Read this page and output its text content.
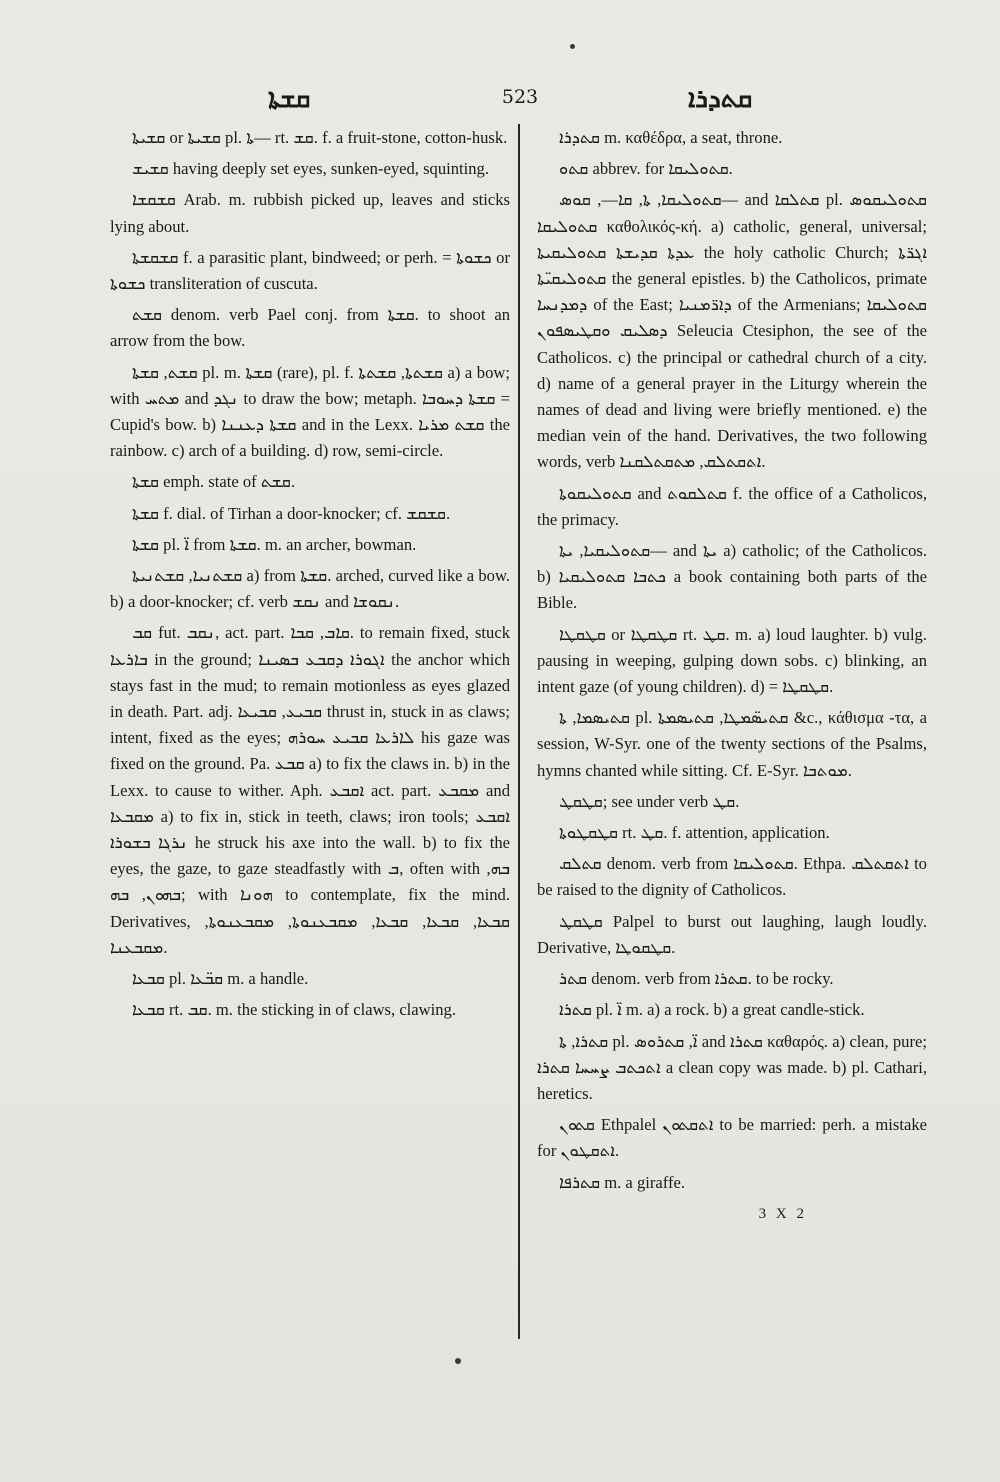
ܩܫܬܐ	523	ܩܬܕܪܐ

ܩܫܝܬܐ or ܩܫܝܬܐ pl. ܬܐ— rt. ܩܫ. f. a fruit-stone, cotton-husk.

ܩܫܝܫ having deeply set eyes, sunken-eyed, squinting.

ܩܫܩܫܐ Arab. m. rubbish picked up, leaves and sticks lying about.

ܩܫܩܫܬܐ f. a parasitic plant, bindweed; or perh. = ܟܫܘܬܐ or ܟܫܘܬܐ transliteration of cuscuta.

ܩܫܬ denom. verb Pael conj. from ܩܫܬܐ. to shoot an arrow from the bow.

ܩܫܬ, ܩܫܬܐ pl. m. ܩܫܬܐ (rare), pl. f. ܩܫܬܬܐ, ܩܫܬܬܐ a) a bow; with ܡܬܚ and ܢܓܕ to draw the bow; metaph. ܩܫܬܐ ܕܚܘܒܐ = Cupid's bow. b) ܩܫܬܐ ܕܥܢܢܐ and in the Lexx. ܩܫܬ ܡܪܝܐ the rainbow. c) arch of a building. d) row, semi-circle.

ܩܫܬܐ emph. state of ܩܫܬ.

ܩܫܬܐ f. dial. of Tirhan a door-knocker; cf. ܩܫܩܫ.

ܩܫܬܐ pl. ܐ̈ from ܩܫܬܐ. m. an archer, bowman.

ܩܫܬܢܝܐ, ܩܫܬܢܝܬܐ a) from ܩܫܬܐ. arched, curved like a bow. b) a door-knocker; cf. verb ܢܩܫ and ܢܩܘܫܐ.

ܩܒ fut. ܢܩܒ, act. part. ܩܐܒ, ܩܒܐ. to remain fixed, stuck ܒܐܪܥܐ in the ground; ܐܓܘܪܐ ܕܩܒܥ ܒܣܝܢܐ the anchor which stays fast in the mud; to remain motionless as eyes glazed in death. Part. adj. ܩܒܝܥ, ܩܒܝܥܐ thrust in, stuck in as claws; intent, fixed as the eyes; ܠܐܪܥܐ ܩܒܝܥ ܚܘܪܗ his gaze was fixed on the ground. Pa. ܩܒܥ a) to fix the claws in. b) in the Lexx. to cause to wither. Aph. ܐܩܒܥ act. part. ܡܩܒܥ and ܡܩܒܥܐ a) to fix in, stick in teeth, claws; iron tools; ܐܩܒܥ ܢܪܓܐ ܒܫܘܪܐ he struck his axe into the wall. b) to fix the eyes, the gaze, to gaze steadfastly with ܒ, often with ܒܗ, ܒܗܘܢ, ܒܗ; with ܗܘܢܐ to contemplate, fix the mind. Derivatives, ܩܒܥܐ, ܩܒܥܐ, ܩܒܥܐ, ܡܩܒܥܢܘܬܐ, ܡܩܒܥܢܘܬܐ, ܡܩܒܥܢܐ.

ܩܒܥܐ pl. ܩܒ̈ܥܐ m. a handle.

ܩܒܥܐ rt. ܩܒ. m. the sticking in of claws, clawing.

ܩܬܕܪܐ m. καθέδρα, a seat, throne.

ܩܬܘ abbrev. for ܩܬܘܠܝܩܐ.

ܩܬܘܠܝܩܐ, ܬܐ, ܩܐ—, ܩܘܣ— and ܩܬܠܩܐ pl. ܩܬܘܠܝܩܘܣ ܩܬܘܠܝܩܐ καθολικός-κή. a) catholic, general, universal; ܥܕܬܐ ܩܕܝܫܬܐ ܩܬܘܠܝܩܝܬܐ the holy catholic Church; ܐܓܪ̈ܬܐ ܩܬܘܠܝܩܝ̈ܬܐ the general epistles. b) the Catholicos, primate ܕܡܕܢܚܐ of the East; ܕܐܪ̈ܡܢܝܐ of the Armenians; ܩܬܘܠܝܩܐ ܕܣܠܝܩ ܘܩܛܝܣܦܘܢ Seleucia Ctesiphon, the see of the Catholicos. c) the principal or cathedral church of a city. d) name of a general prayer in the Liturgy wherein the names of dead and living were briefly mentioned. e) the median vein of the hand. Derivatives, the two following words, verb ܐܬܩܬܠܩ, ܡܬܩܬܠܩܢܐ.

ܩܬܘܠܝܩܘܬܐ and ܩܬܠܩܘܬ f. the office of a Catholicos, the primacy.

ܩܬܘܠܝܩܝܐ, ܝܬܐ— and ܝܬܐ a) catholic; of the Catholicos. b) ܟܬܒܐ ܩܬܘܠܝܩܝܐ a book containing both parts of the Bible.

ܩܛܩܛܐ or ܩܛܩܛܐ rt. ܩܛ. m. a) loud laughter. b) vulg. pausing in weeping, gulping down sobs. c) blinking, an intent gaze (of young children). d) = ܩܛܩܛܐ.

ܩܬܝܣܡܐ, ܬܐ pl. ܩܬܝܣ̈ܡܛܐ, ܩܬܝܣܡܬܐ &c., κάθισμα -τα, a session, W-Syr. one of the twenty sections of the Psalms, hymns chanted while sitting. Cf. E-Syr. ܡܘܬܒܐ.

ܩܛܩܛ; see under verb ܩܛ.

ܩܛܩܛܘܬܐ rt. ܩܛ. f. attention, application.

ܩܬܠܩ denom. verb from ܩܬܘܠܝܩܐ. Ethpa. ܐܬܩܬܠܩ to be raised to the dignity of Catholicos.

ܩܛܩܛ Palpel to burst out laughing, laugh loudly. Derivative, ܩܛܩܘܛܐ.

ܩܬܪ denom. verb from ܩܬܪܐ. to be rocky.

ܩܬܪܐ pl. ܐ̈ m. a) a rock. b) a great candle-stick.

ܩܬܪܐ, ܬܐ pl. ܐ̈, ܩܬܪܘܣ and ܩܬܪܐ καθαρός. a) clean, pure; ܐܬܟܬܒ ܨܚܚܐ ܩܬܪܐ a clean copy was made. b) pl. Cathari, heretics.

ܩܬܘܢ Ethpalel ܐܬܩܬܘܢ to be married: perh. a mistake for ܐܬܩܛܘܢ.

ܩܬܪܦܐ m. a giraffe.

3 X 2
